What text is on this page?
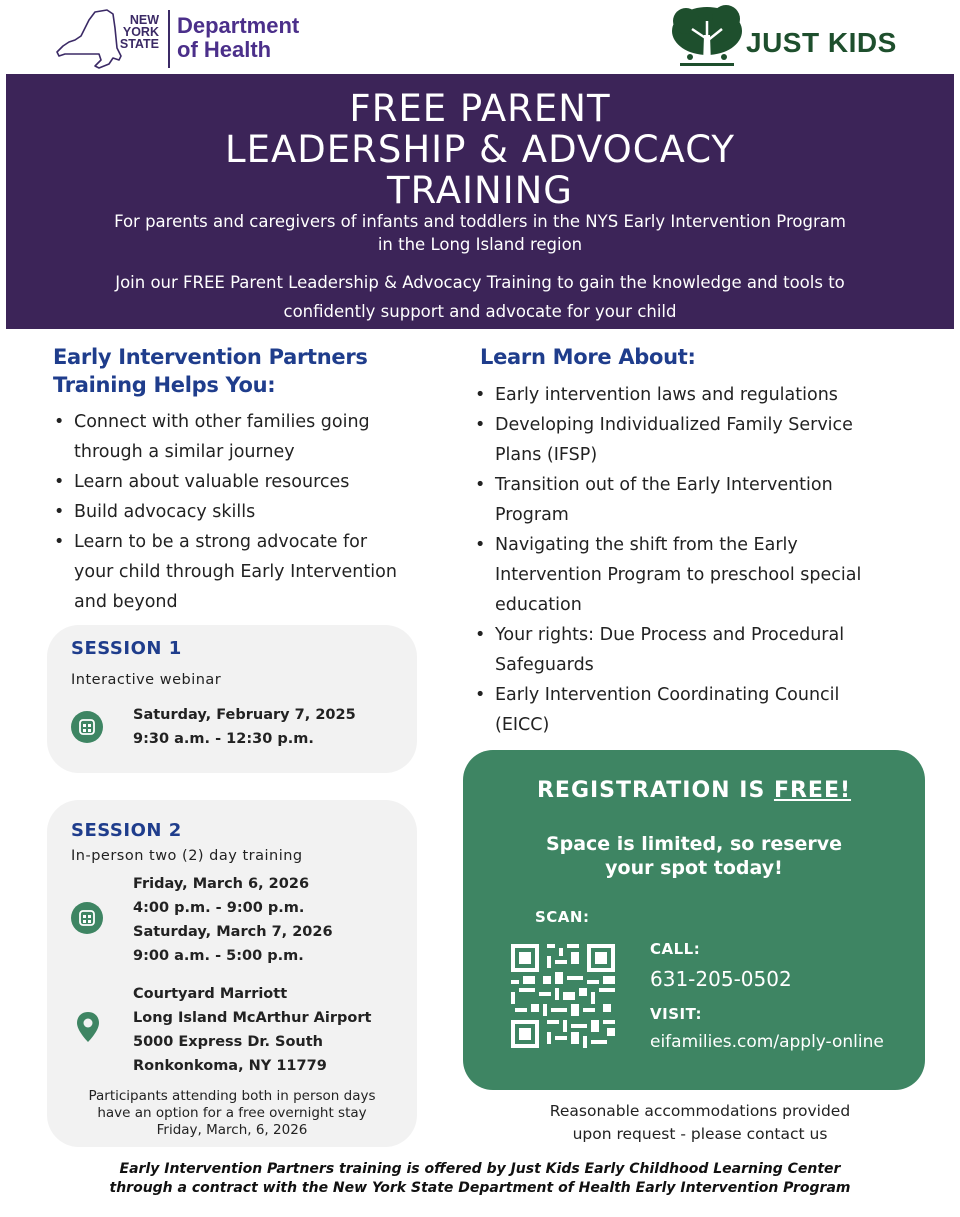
NEW
YORK
STATE
Department
of Health	JUST KIDS
FREE PARENT
LEADERSHIP & ADVOCACY
TRAINING
For parents and caregivers of infants and toddlers in the NYS Early Intervention Program
in the Long Island region
Join our FREE Parent Leadership & Advocacy Training to gain the knowledge and tools to
confidently support and advocate for your child
Early Intervention Partners
Training Helps You:
• Connect with other families going
through a similar journey
• Learn about valuable resources
• Build advocacy skills
• Learn to be a strong advocate for
your child through Early Intervention
and beyond
Learn More About:
• Early intervention laws and regulations
• Developing Individualized Family Service
Plans (IFSP)
• Transition out of the Early Intervention
Program
• Navigating the shift from the Early
Intervention Program to preschool special
education
• Your rights: Due Process and Procedural
Safeguards
• Early Intervention Coordinating Council
(EICC)
SESSION 1
Interactive webinar
Saturday, February 7, 2025
9:30 a.m. - 12:30 p.m.
SESSION 2
In-person two (2) day training
Friday, March 6, 2026
4:00 p.m. - 9:00 p.m.
Saturday, March 7, 2026
9:00 a.m. - 5:00 p.m.
Courtyard Marriott
Long Island McArthur Airport
5000 Express Dr. South
Ronkonkoma, NY 11779
Participants attending both in person days
have an option for a free overnight stay
Friday, March, 6, 2026
REGISTRATION IS FREE!
Space is limited, so reserve
your spot today!
SCAN:
CALL:
631-205-0502
VISIT:
eifamilies.com/apply-online
Reasonable accommodations provided
upon request - please contact us
Early Intervention Partners training is offered by Just Kids Early Childhood Learning Center
through a contract with the New York State Department of Health Early Intervention Program
